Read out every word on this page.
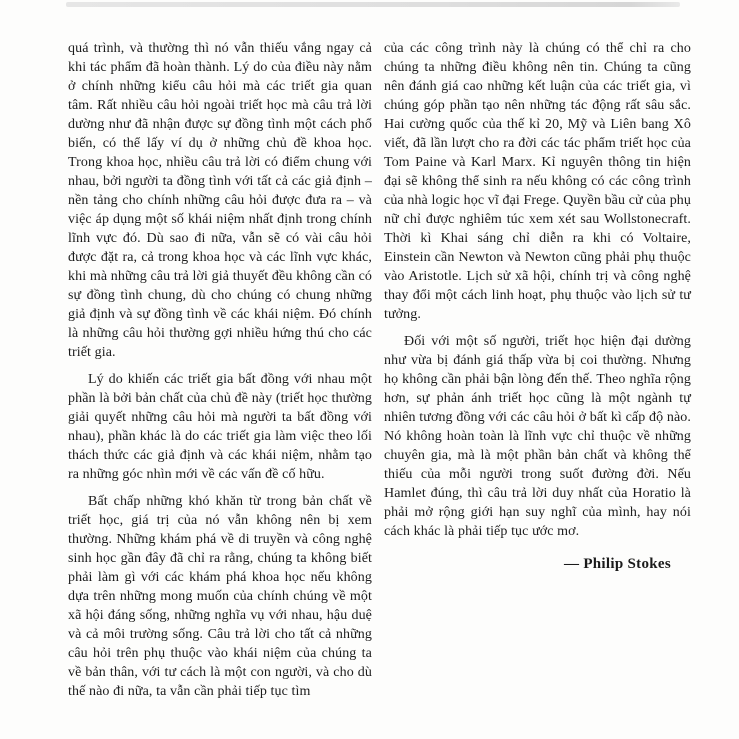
quá trình, và thường thì nó vẫn thiếu vắng ngay cả khi tác phẩm đã hoàn thành. Lý do của điều này nằm ở chính những kiểu câu hỏi mà các triết gia quan tâm. Rất nhiều câu hỏi ngoài triết học mà câu trả lời dường như đã nhận được sự đồng tình một cách phổ biến, có thể lấy ví dụ ở những chủ đề khoa học. Trong khoa học, nhiều câu trả lời có điểm chung với nhau, bởi người ta đồng tình với tất cả các giả định – nền tảng cho chính những câu hỏi được đưa ra – và việc áp dụng một số khái niệm nhất định trong chính lĩnh vực đó. Dù sao đi nữa, vẫn sẽ có vài câu hỏi được đặt ra, cả trong khoa học và các lĩnh vực khác, khi mà những câu trả lời giả thuyết đều không cần có sự đồng tình chung, dù cho chúng có chung những giả định và sự đồng tình về các khái niệm. Đó chính là những câu hỏi thường gợi nhiều hứng thú cho các triết gia.

Lý do khiến các triết gia bất đồng với nhau một phần là bởi bản chất của chủ đề này (triết học thường giải quyết những câu hỏi mà người ta bất đồng với nhau), phần khác là do các triết gia làm việc theo lối thách thức các giả định và các khái niệm, nhằm tạo ra những góc nhìn mới về các vấn đề cố hữu.

Bất chấp những khó khăn từ trong bản chất về triết học, giá trị của nó vẫn không nên bị xem thường. Những khám phá về di truyền và công nghệ sinh học gần đây đã chỉ ra rằng, chúng ta không biết phải làm gì với các khám phá khoa học nếu không dựa trên những mong muốn của chính chúng về một xã hội đáng sống, những nghĩa vụ với nhau, hậu duệ và cả môi trường sống. Câu trả lời cho tất cả những câu hỏi trên phụ thuộc vào khái niệm của chúng ta về bản thân, với tư cách là một con người, và cho dù thế nào đi nữa, ta vẫn cần phải tiếp tục tìm

của các công trình này là chúng có thể chỉ ra cho chúng ta những điều không nên tin. Chúng ta cũng nên đánh giá cao những kết luận của các triết gia, vì chúng góp phần tạo nên những tác động rất sâu sắc. Hai cường quốc của thế kỉ 20, Mỹ và Liên bang Xô viết, đã lần lượt cho ra đời các tác phẩm triết học của Tom Paine và Karl Marx. Kỉ nguyên thông tin hiện đại sẽ không thể sinh ra nếu không có các công trình của nhà logic học vĩ đại Frege. Quyền bầu cử của phụ nữ chỉ được nghiêm túc xem xét sau Wollstonecraft. Thời kì Khai sáng chỉ diễn ra khi có Voltaire, Einstein cần Newton và Newton cũng phải phụ thuộc vào Aristotle. Lịch sử xã hội, chính trị và công nghệ thay đổi một cách linh hoạt, phụ thuộc vào lịch sử tư tưởng.

Đối với một số người, triết học hiện đại dường như vừa bị đánh giá thấp vừa bị coi thường. Nhưng họ không cần phải bận lòng đến thế. Theo nghĩa rộng hơn, sự phản ánh triết học cũng là một ngành tự nhiên tương đồng với các câu hỏi ở bất kì cấp độ nào. Nó không hoàn toàn là lĩnh vực chỉ thuộc về những chuyên gia, mà là một phần bản chất và không thể thiếu của mỗi người trong suốt đường đời. Nếu Hamlet đúng, thì câu trả lời duy nhất của Horatio là phải mở rộng giới hạn suy nghĩ của mình, hay nói cách khác là phải tiếp tục ước mơ.

— Philip Stokes
